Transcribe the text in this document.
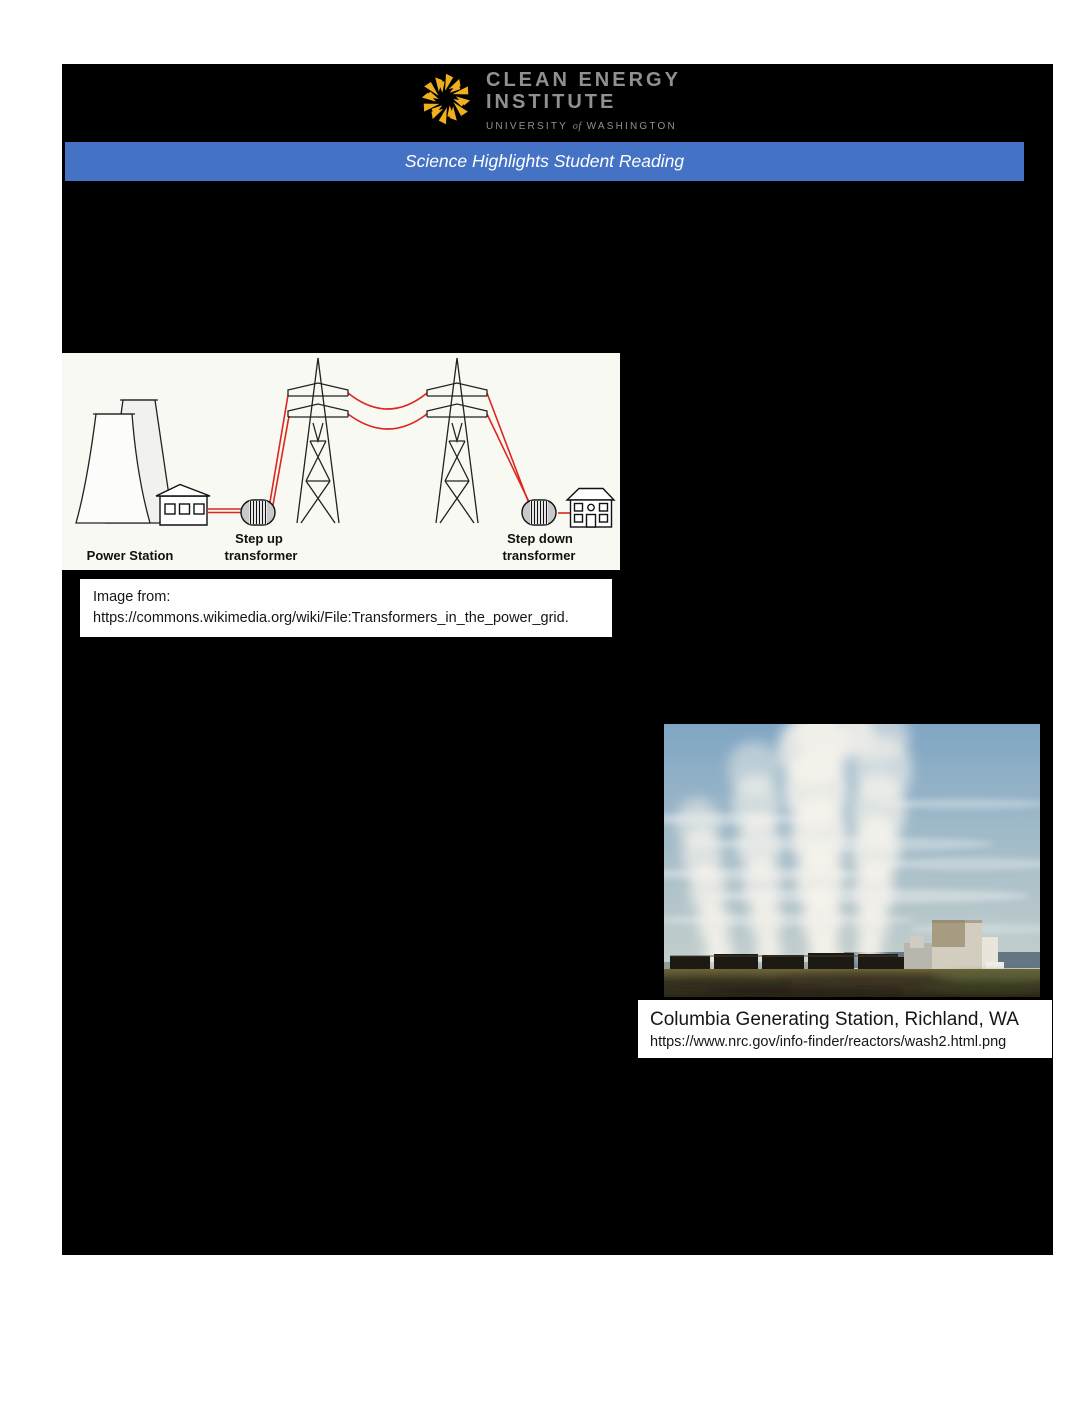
CLEAN ENERGY
INSTITUTE
UNIVERSITY of WASHINGTON
Science Highlights Student Reading
Power Station
Step up
transformer
Step down
transformer
Image from:
https://commons.wikimedia.org/wiki/File:Transformers_in_the_power_grid.
Columbia Generating Station, Richland, WA
https://www.nrc.gov/info-finder/reactors/wash2.html.png
